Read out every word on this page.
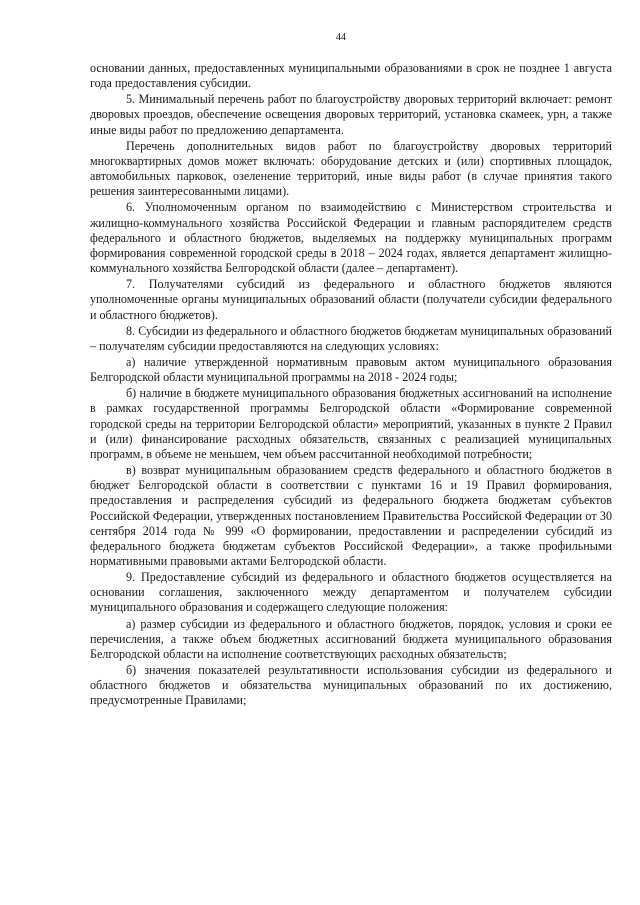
44

основании данных, предоставленных муниципальными образованиями в срок не позднее 1 августа года предоставления субсидии.

5. Минимальный перечень работ по благоустройству дворовых территорий включает: ремонт дворовых проездов, обеспечение освещения дворовых территорий, установка скамеек, урн, а также иные виды работ по предложению департамента.

Перечень дополнительных видов работ по благоустройству дворовых территорий многоквартирных домов может включать: оборудование детских и (или) спортивных площадок, автомобильных парковок, озеленение территорий, иные виды работ (в случае принятия такого решения заинтересованными лицами).

6. Уполномоченным органом по взаимодействию с Министерством строительства и жилищно-коммунального хозяйства Российской Федерации и главным распорядителем средств федерального и областного бюджетов, выделяемых на поддержку муниципальных программ формирования современной городской среды в 2018 – 2024 годах, является департамент жилищно-коммунального хозяйства Белгородской области (далее – департамент).

7. Получателями субсидий из федерального и областного бюджетов являются уполномоченные органы муниципальных образований области (получатели субсидии федерального и областного бюджетов).

8. Субсидии из федерального и областного бюджетов бюджетам муниципальных образований – получателям субсидии предоставляются на следующих условиях:

а) наличие утвержденной нормативным правовым актом муниципального образования Белгородской области муниципальной программы на 2018 - 2024 годы;

б) наличие в бюджете муниципального образования бюджетных ассигнований на исполнение в рамках государственной программы Белгородской области «Формирование современной городской среды на территории Белгородской области» мероприятий, указанных в пункте 2 Правил и (или) финансирование расходных обязательств, связанных с реализацией муниципальных программ, в объеме не меньшем, чем объем рассчитанной необходимой потребности;

в) возврат муниципальным образованием средств федерального и областного бюджетов в бюджет Белгородской области в соответствии с пунктами 16 и 19 Правил формирования, предоставления и распределения субсидий из федерального бюджета бюджетам субъектов Российской Федерации, утвержденных постановлением Правительства Российской Федерации от 30 сентября 2014 года № 999 «О формировании, предоставлении и распределении субсидий из федерального бюджета бюджетам субъектов Российской Федерации», а также профильными нормативными правовыми актами Белгородской области.

9. Предоставление субсидий из федерального и областного бюджетов осуществляется на основании соглашения, заключенного между департаментом и получателем субсидии муниципального образования и содержащего следующие положения:

а) размер субсидии из федерального и областного бюджетов, порядок, условия и сроки ее перечисления, а также объем бюджетных ассигнований бюджета муниципального образования Белгородской области на исполнение соответствующих расходных обязательств;

б) значения показателей результативности использования субсидии из федерального и областного бюджетов и обязательства муниципальных образований по их достижению, предусмотренные Правилами;
